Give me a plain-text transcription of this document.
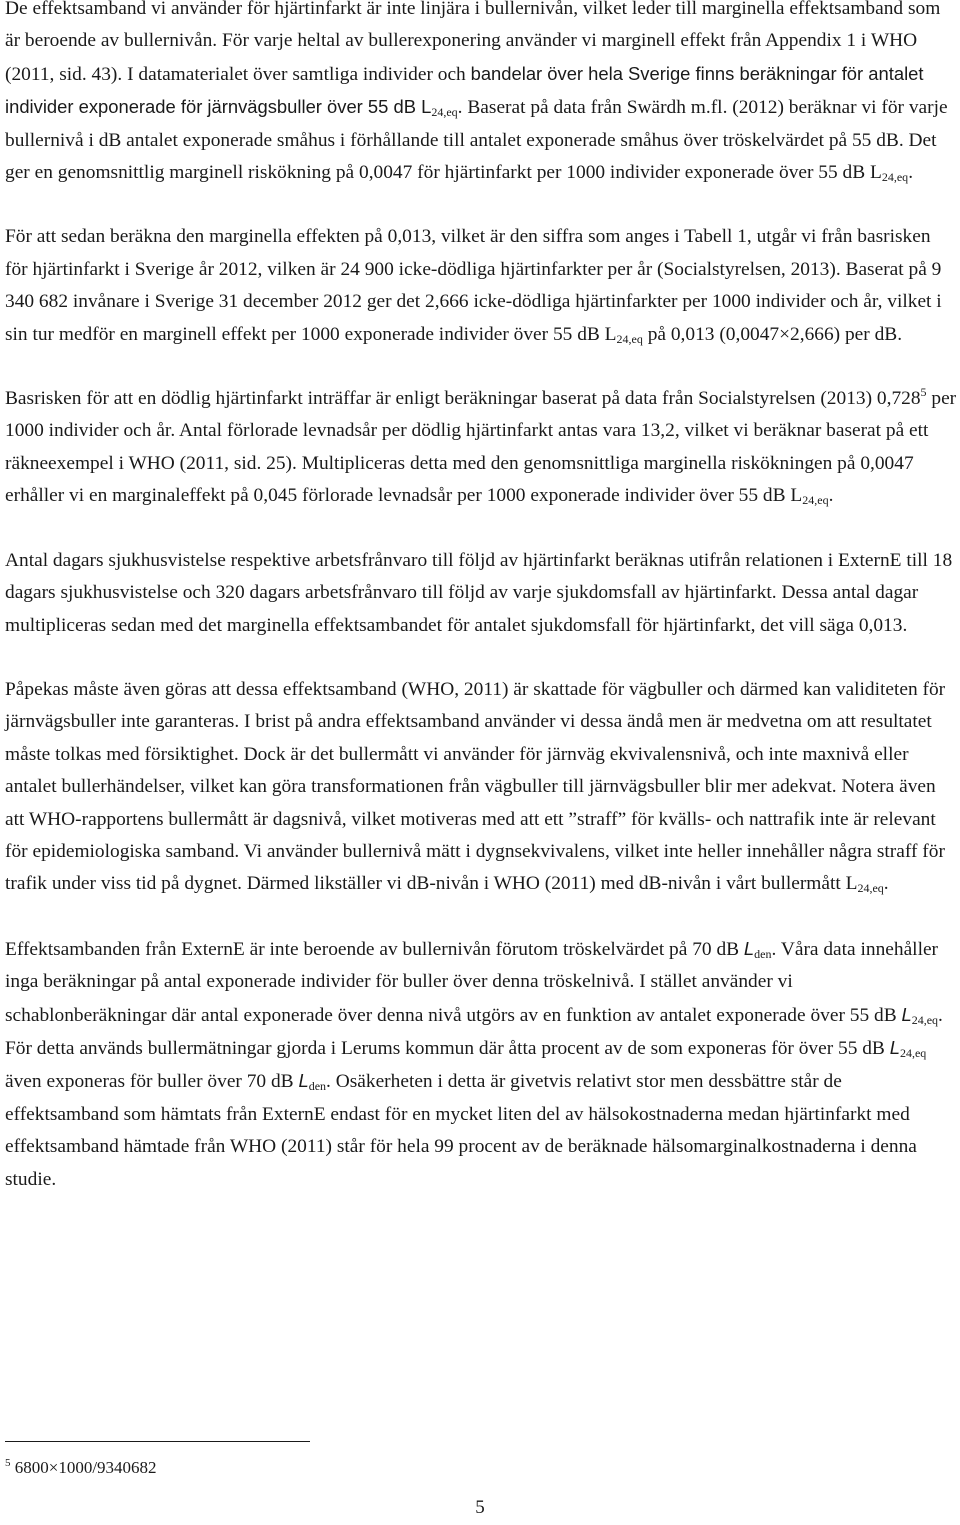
De effektsamband vi använder för hjärtinfarkt är inte linjära i bullernivån, vilket leder till marginella effektsamband som är beroende av bullernivån. För varje heltal av bullerexponering använder vi marginell effekt från Appendix 1 i WHO (2011, sid. 43). I datamaterialet över samtliga individer och bandelar över hela Sverige finns beräkningar för antalet individer exponerade för järnvägsbuller över 55 dB $L_{24,eq}$. Baserat på data från Swärdh m.fl. (2012) beräknar vi för varje bullernivå i dB antalet exponerade småhus i förhållande till antalet exponerade småhus över tröskelvärdet på 55 dB. Det ger en genomsnittlig marginell riskökning på 0,0047 för hjärtinfarkt per 1000 individer exponerade över 55 dB $L_{24,eq}$.

För att sedan beräkna den marginella effekten på 0,013, vilket är den siffra som anges i Tabell 1, utgår vi från basrisken för hjärtinfarkt i Sverige år 2012, vilken är 24 900 icke-dödliga hjärtinfarkter per år (Socialstyrelsen, 2013). Baserat på 9 340 682 invånare i Sverige 31 december 2012 ger det 2,666 icke-dödliga hjärtinfarkter per 1000 individer och år, vilket i sin tur medför en marginell effekt per 1000 exponerade individer över 55 dB $L_{24,eq}$ på 0,013 (0,0047×2,666) per dB.

Basrisken för att en dödlig hjärtinfarkt inträffar är enligt beräkningar baserat på data från Socialstyrelsen (2013) 0,728$^5$ per 1000 individer och år. Antal förlorade levnadsår per dödlig hjärtinfarkt antas vara 13,2, vilket vi beräknar baserat på ett räkneexempel i WHO (2011, sid. 25). Multipliceras detta med den genomsnittliga marginella riskökningen på 0,0047 erhåller vi en marginaleffekt på 0,045 förlorade levnadsår per 1000 exponerade individer över 55 dB $L_{24,eq}$.

Antal dagars sjukhusvistelse respektive arbetsfrånvaro till följd av hjärtinfarkt beräknas utifrån relationen i ExternE till 18 dagars sjukhusvistelse och 320 dagars arbetsfrånvaro till följd av varje sjukdomsfall av hjärtinfarkt. Dessa antal dagar multipliceras sedan med det marginella effektsambandet för antalet sjukdomsfall för hjärtinfarkt, det vill säga 0,013.

Påpekas måste även göras att dessa effektsamband (WHO, 2011) är skattade för vägbuller och därmed kan validiteten för järnvägsbuller inte garanteras. I brist på andra effektsamband använder vi dessa ändå men är medvetna om att resultatet måste tolkas med försiktighet. Dock är det bullermått vi använder för järnväg ekvivalensnivå, och inte maxnivå eller antalet bullerhändelser, vilket kan göra transformationen från vägbuller till järnvägsbuller blir mer adekvat. Notera även att WHO-rapportens bullermått är dagsnivå, vilket motiveras med att ett ”straff” för kvälls- och nattrafik inte är relevant för epidemiologiska samband. Vi använder bullernivå mätt i dygnsekvivalens, vilket inte heller innehåller några straff för trafik under viss tid på dygnet. Därmed likställer vi dB-nivån i WHO (2011) med dB-nivån i vårt bullermått $L_{24,eq}$.

Effektsambanden från ExternE är inte beroende av bullernivån förutom tröskelvärdet på 70 dB $L_{den}$. Våra data innehåller inga beräkningar på antal exponerade individer för buller över denna tröskelnivå. I stället använder vi schablonberäkningar där antal exponerade över denna nivå utgörs av en funktion av antalet exponerade över 55 dB $L_{24,eq}$. För detta används bullermätningar gjorda i Lerums kommun där åtta procent av de som exponeras för över 55 dB $L_{24,eq}$ även exponeras för buller över 70 dB $L_{den}$. Osäkerheten i detta är givetvis relativt stor men dessbättre står de effektsamband som hämtats från ExternE endast för en mycket liten del av hälsokostnaderna medan hjärtinfarkt med effektsamband hämtade från WHO (2011) står för hela 99 procent av de beräknade hälsomarginalkostnaderna i denna studie.

$^5$ 6800×1000/9340682
5
